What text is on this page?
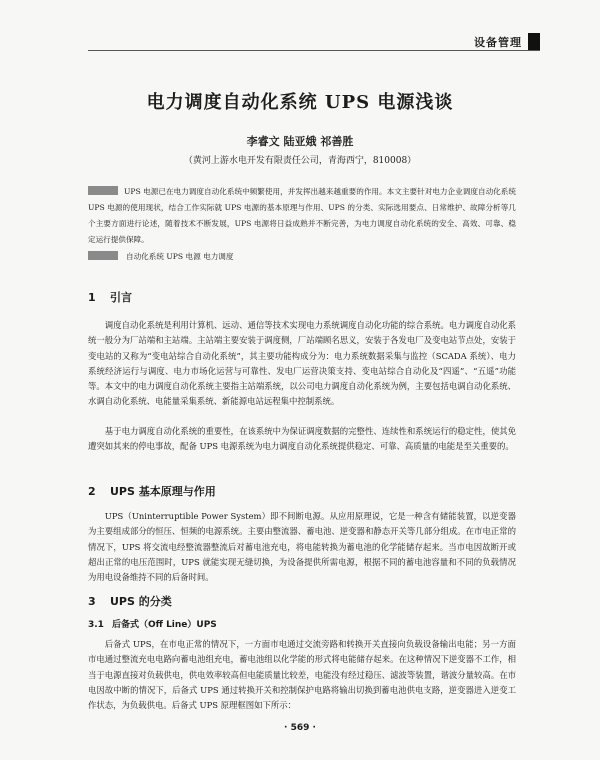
设备管理
电力调度自动化系统 UPS 电源浅谈
李睿文 陆亚娥 祁善胜
（黄河上游水电开发有限责任公司，青海西宁，810008）
UPS 电源已在电力调度自动化系统中频繁使用，并发挥出越来越重要的作用。本文主要针对电力企业调度自动化系统 UPS 电源的使用现状，结合工作实际就 UPS 电源的基本原理与作用、UPS 的分类、实际选用要点、日常维护、故障分析等几个主要方面进行论述，随着技术不断发展，UPS 电源将日益成熟并不断完善，为电力调度自动化系统的安全、高效、可靠、稳定运行提供保障。
自动化系统 UPS 电源 电力调度
1 引言
调度自动化系统是利用计算机、远动、通信等技术实现电力系统调度自动化功能的综合系统。电力调度自动化系统一般分为厂站端和主站端。主站端主要安装于调度侧，厂站端顾名思义，安装于各发电厂及变电站节点处，安装于变电站的又称为“变电站综合自动化系统”，其主要功能构成分为：电力系统数据采集与监控（SCADA 系统）、电力系统经济运行与调度、电力市场化运营与可靠性、发电厂运营决策支持、变电站综合自动化及“四遥”、“五遥”功能等。本文中的电力调度自动化系统主要指主站端系统，以公司电力调度自动化系统为例，主要包括电调自动化系统、水调自动化系统、电能量采集系统、新能源电站远程集中控制系统。
基于电力调度自动化系统的重要性，在该系统中为保证调度数据的完整性、连续性和系统运行的稳定性，使其免遭突如其来的停电事故，配备 UPS 电源系统为电力调度自动化系统提供稳定、可靠、高质量的电能是至关重要的。
2 UPS 基本原理与作用
UPS（Uninterruptible Power System）即不间断电源。从应用原理说，它是一种含有储能装置，以逆变器为主要组成部分的恒压、恒频的电源系统。主要由整流器、蓄电池、逆变器和静态开关等几部分组成。在市电正常的情况下，UPS 将交流电经整流器整流后对蓄电池充电，将电能转换为蓄电池的化学能储存起来。当市电因故断开或超出正常的电压范围时，UPS 就能实现无缝切换，为设备提供所需电源，根据不同的蓄电池容量和不同的负载情况为用电设备维持不同的后备时间。
3 UPS 的分类
3.1 后备式（Off Line）UPS
后备式 UPS，在市电正常的情况下，一方面市电通过交流旁路和转换开关直接向负载设备输出电能；另一方面市电通过整流充电电路向蓄电池组充电，蓄电池组以化学能的形式将电能储存起来。在这种情况下逆变器不工作，相当于电源直接对负载供电，供电效率较高但电能质量比较差，电能没有经过稳压、滤波等装置，谐波分量较高。在市电因故中断的情况下，后备式 UPS 通过转换开关和控制保护电路将输出切换到蓄电池供电支路，逆变器进入逆变工作状态，为负载供电。后备式 UPS 原理框图如下所示：
· 569 ·
